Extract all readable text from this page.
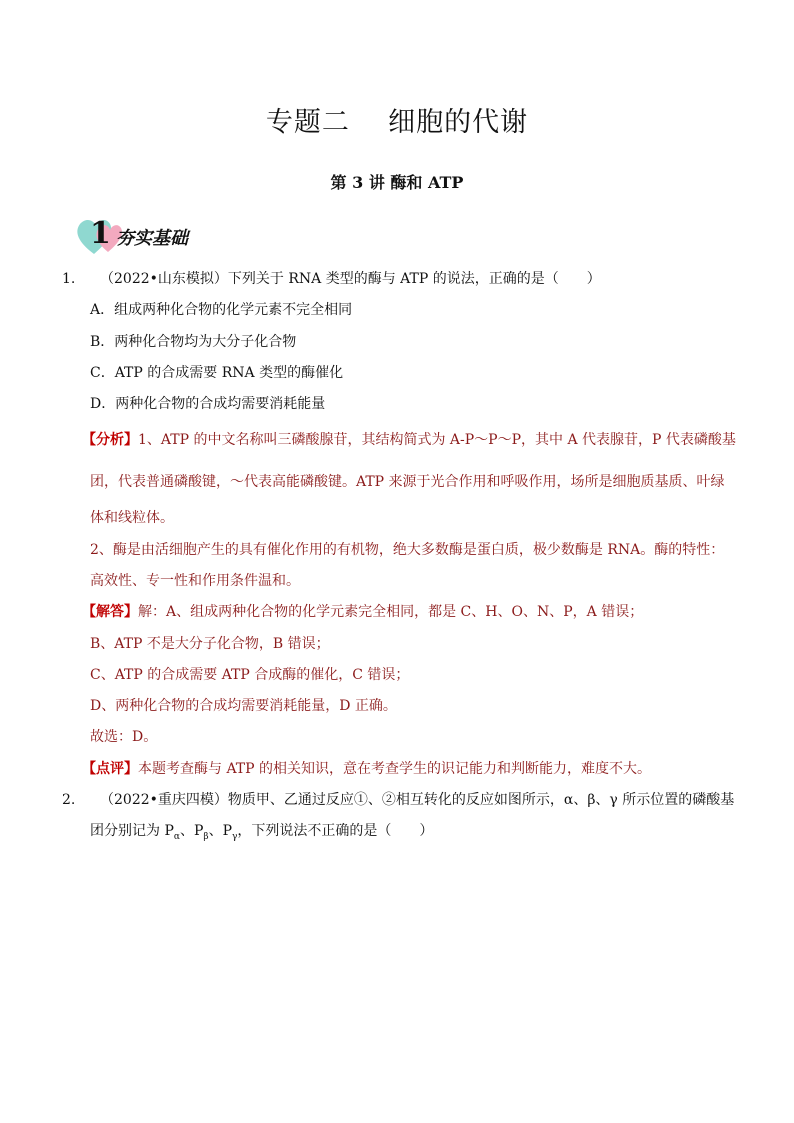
专题二    细胞的代谢
第 3 讲 酶和 ATP
1 夯实基础
1. （2022•山东模拟）下列关于 RNA 类型的酶与 ATP 的说法，正确的是（　　）
A．组成两种化合物的化学元素不完全相同
B．两种化合物均为大分子化合物
C．ATP 的合成需要 RNA 类型的酶催化
D．两种化合物的合成均需要消耗能量
【分析】1、ATP 的中文名称叫三磷酸腺苷，其结构简式为 A-P～P～P，其中 A 代表腺苷，P 代表磷酸基
团，代表普通磷酸键，～代表高能磷酸键。ATP 来源于光合作用和呼吸作用，场所是细胞质基质、叶绿
体和线粒体。
2、酶是由活细胞产生的具有催化作用的有机物，绝大多数酶是蛋白质，极少数酶是 RNA。酶的特性：
高效性、专一性和作用条件温和。
【解答】解：A、组成两种化合物的化学元素完全相同，都是 C、H、O、N、P，A 错误；
B、ATP 不是大分子化合物，B 错误；
C、ATP 的合成需要 ATP 合成酶的催化，C 错误；
D、两种化合物的合成均需要消耗能量，D 正确。
故选：D。
【点评】本题考查酶与 ATP 的相关知识，意在考查学生的识记能力和判断能力，难度不大。
2. （2022•重庆四模）物质甲、乙通过反应①、②相互转化的反应如图所示，α、β、γ 所示位置的磷酸基
团分别记为 $P_\alpha$、$P_\beta$、$P_\gamma$，下列说法不正确的是（　　）
